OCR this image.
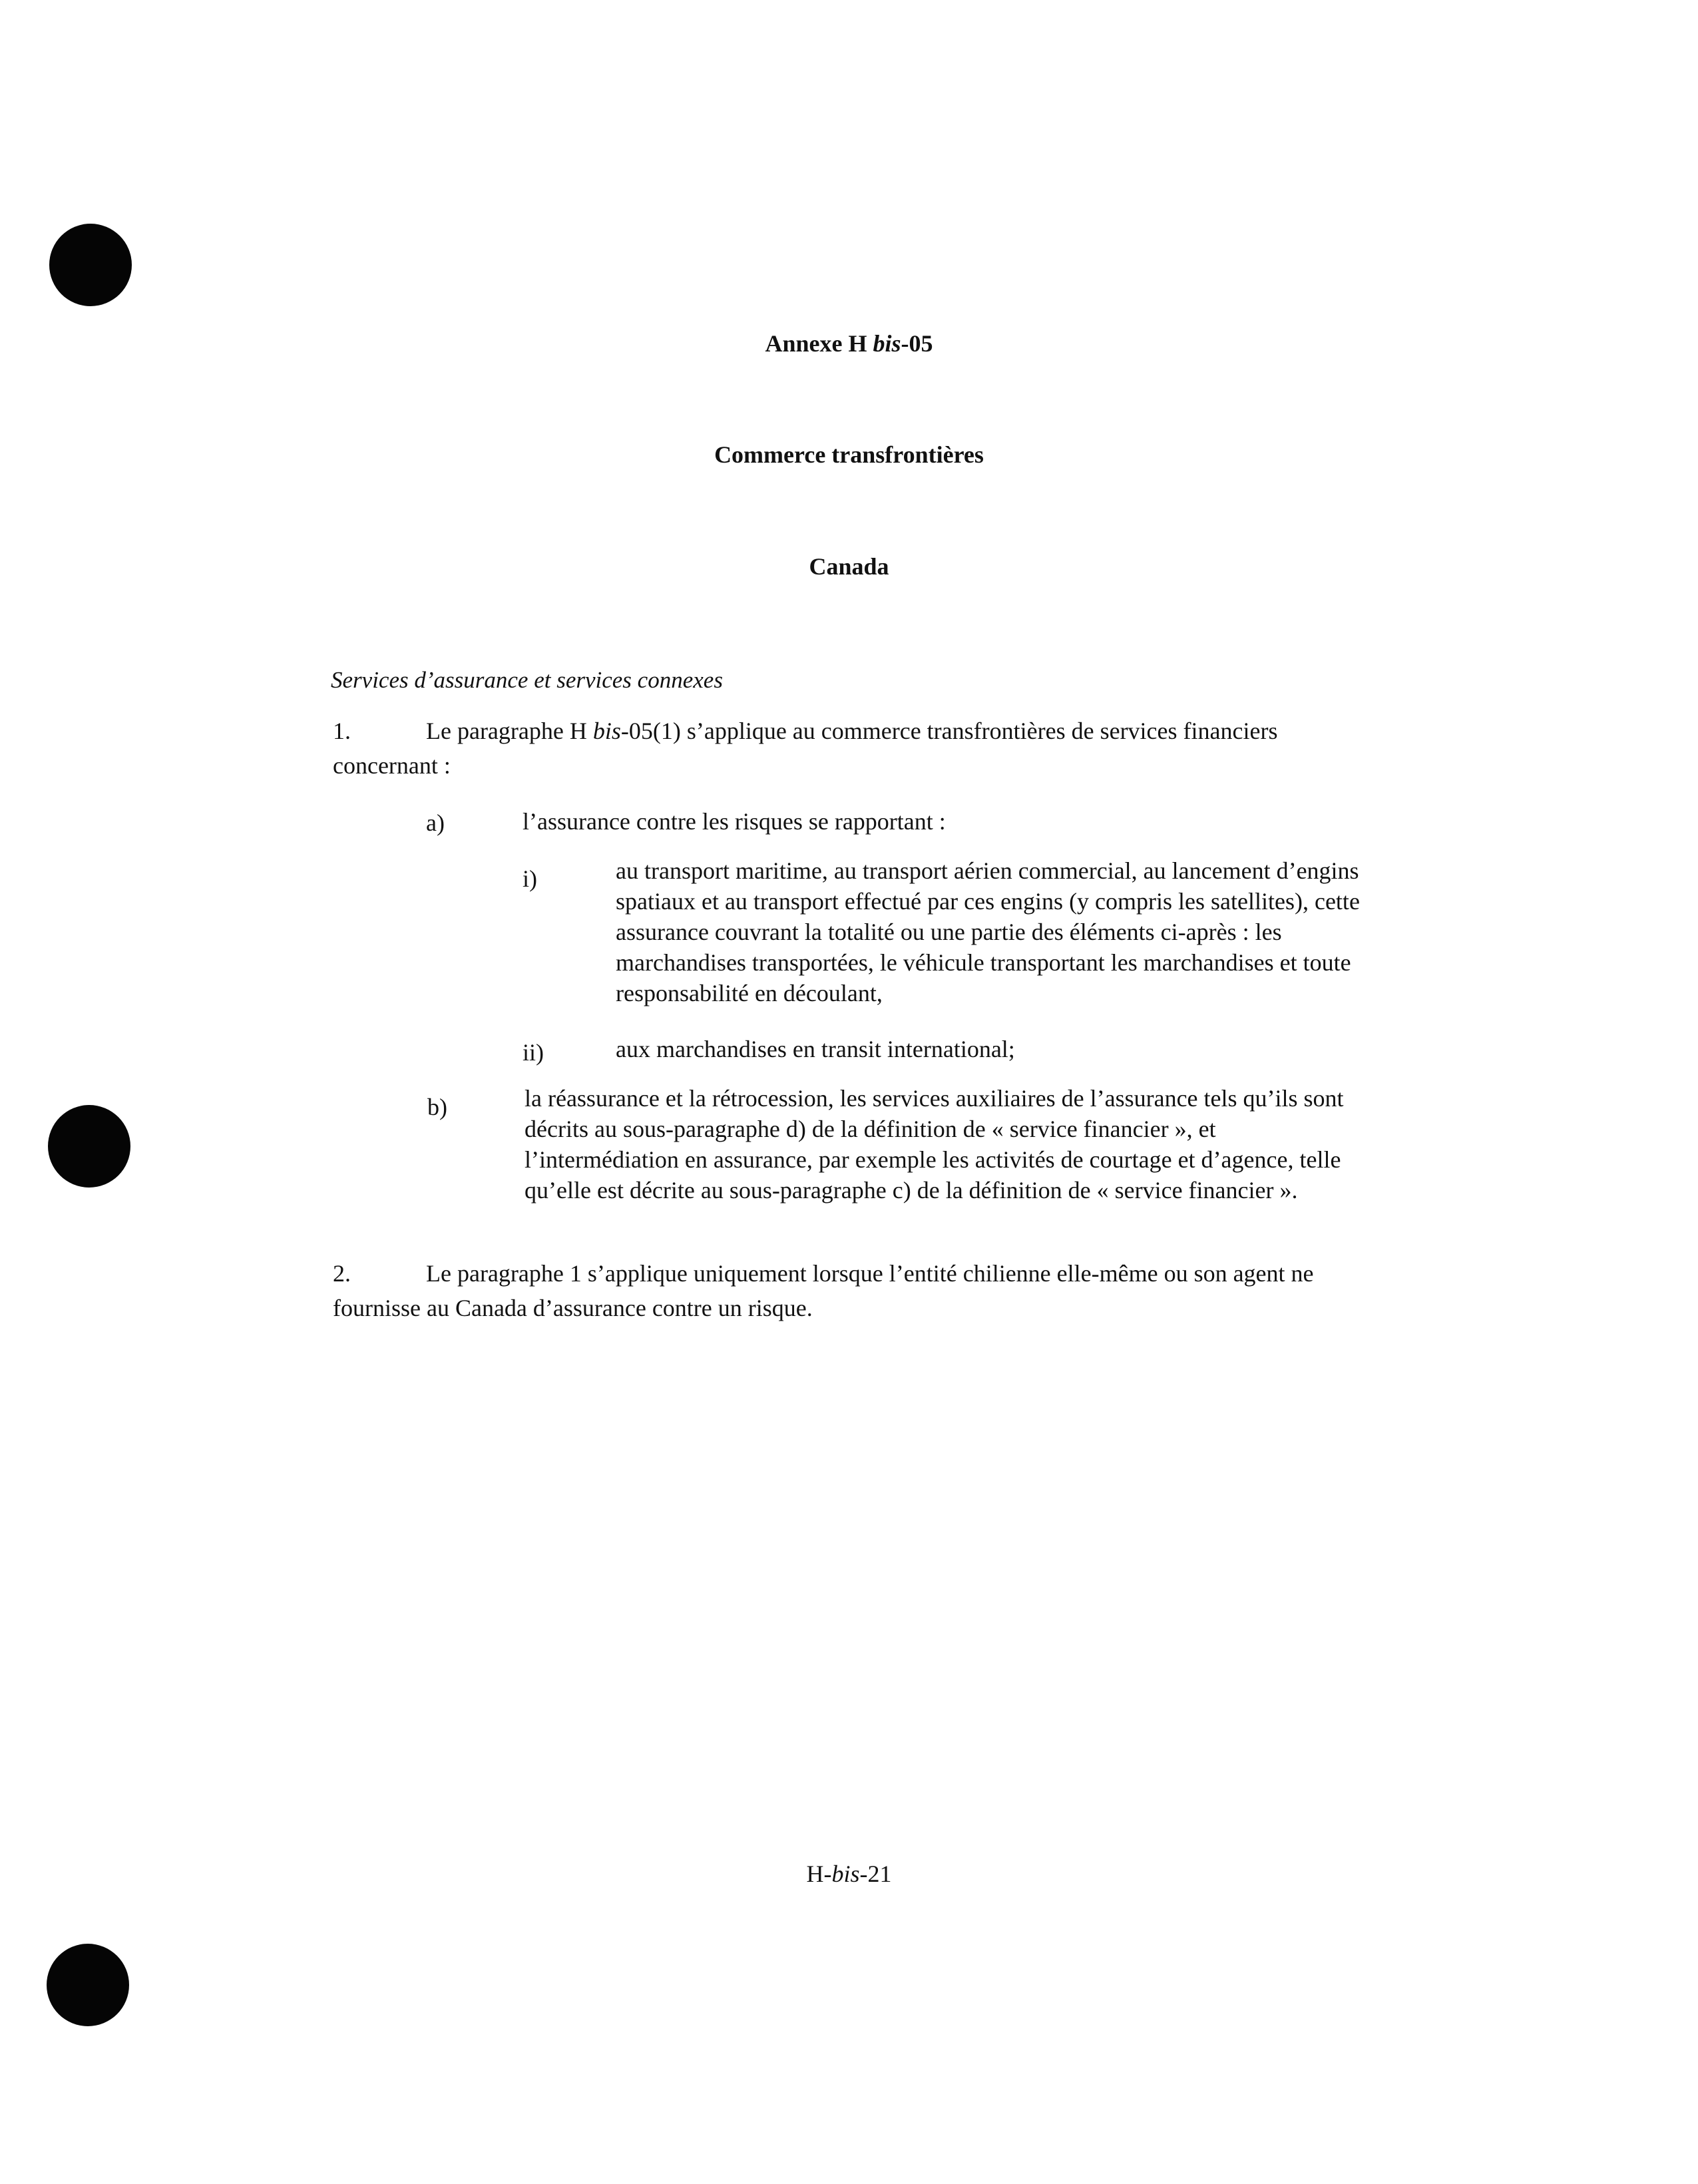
Annexe H bis-05
Commerce transfrontières
Canada

Services d’assurance et services connexes

1.	Le paragraphe H bis-05(1) s’applique au commerce transfrontières de services financiers concernant :

a)	l’assurance contre les risques se rapportant :

i)	au transport maritime, au transport aérien commercial, au lancement d’engins spatiaux et au transport effectué par ces engins (y compris les satellites), cette assurance couvrant la totalité ou une partie des éléments ci-après : les marchandises transportées, le véhicule transportant les marchandises et toute responsabilité en découlant,

ii)	aux marchandises en transit international;

b)	la réassurance et la rétrocession, les services auxiliaires de l’assurance tels qu’ils sont décrits au sous-paragraphe d) de la définition de « service financier », et l’intermédiation en assurance, par exemple les activités de courtage et d’agence, telle qu’elle est décrite au sous-paragraphe c) de la définition de « service financier ».

2.	Le paragraphe 1 s’applique uniquement lorsque l’entité chilienne elle-même ou son agent ne fournisse au Canada d’assurance contre un risque.

H-bis-21
